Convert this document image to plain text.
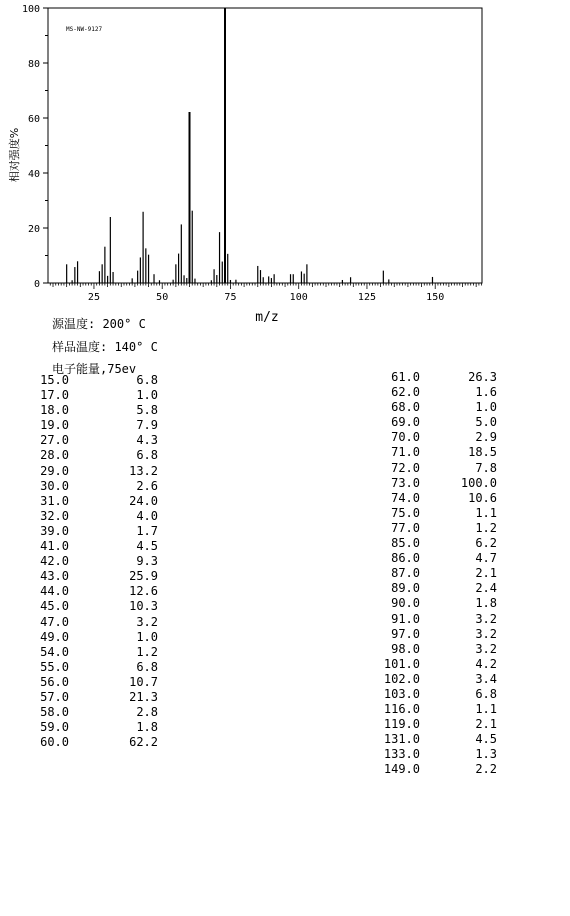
0
20
40
60
80
100
25	50	75	100	125	150
MS-NW-9127
m/z
相对强度%
源温度: 200° C
样品温度: 140° C
电子能量,75ev
15.0	6.8
17.0	1.0
18.0	5.8
19.0	7.9
27.0	4.3
28.0	6.8
29.0	13.2
30.0	2.6
31.0	24.0
32.0	4.0
39.0	1.7
41.0	4.5
42.0	9.3
43.0	25.9
44.0	12.6
45.0	10.3
47.0	3.2
49.0	1.0
54.0	1.2
55.0	6.8
56.0	10.7
57.0	21.3
58.0	2.8
59.0	1.8
60.0	62.2
61.0	26.3
62.0	1.6
68.0	1.0
69.0	5.0
70.0	2.9
71.0	18.5
72.0	7.8
73.0	100.0
74.0	10.6
75.0	1.1
77.0	1.2
85.0	6.2
86.0	4.7
87.0	2.1
89.0	2.4
90.0	1.8
91.0	3.2
97.0	3.2
98.0	3.2
101.0	4.2
102.0	3.4
103.0	6.8
116.0	1.1
119.0	2.1
131.0	4.5
133.0	1.3
149.0	2.2
